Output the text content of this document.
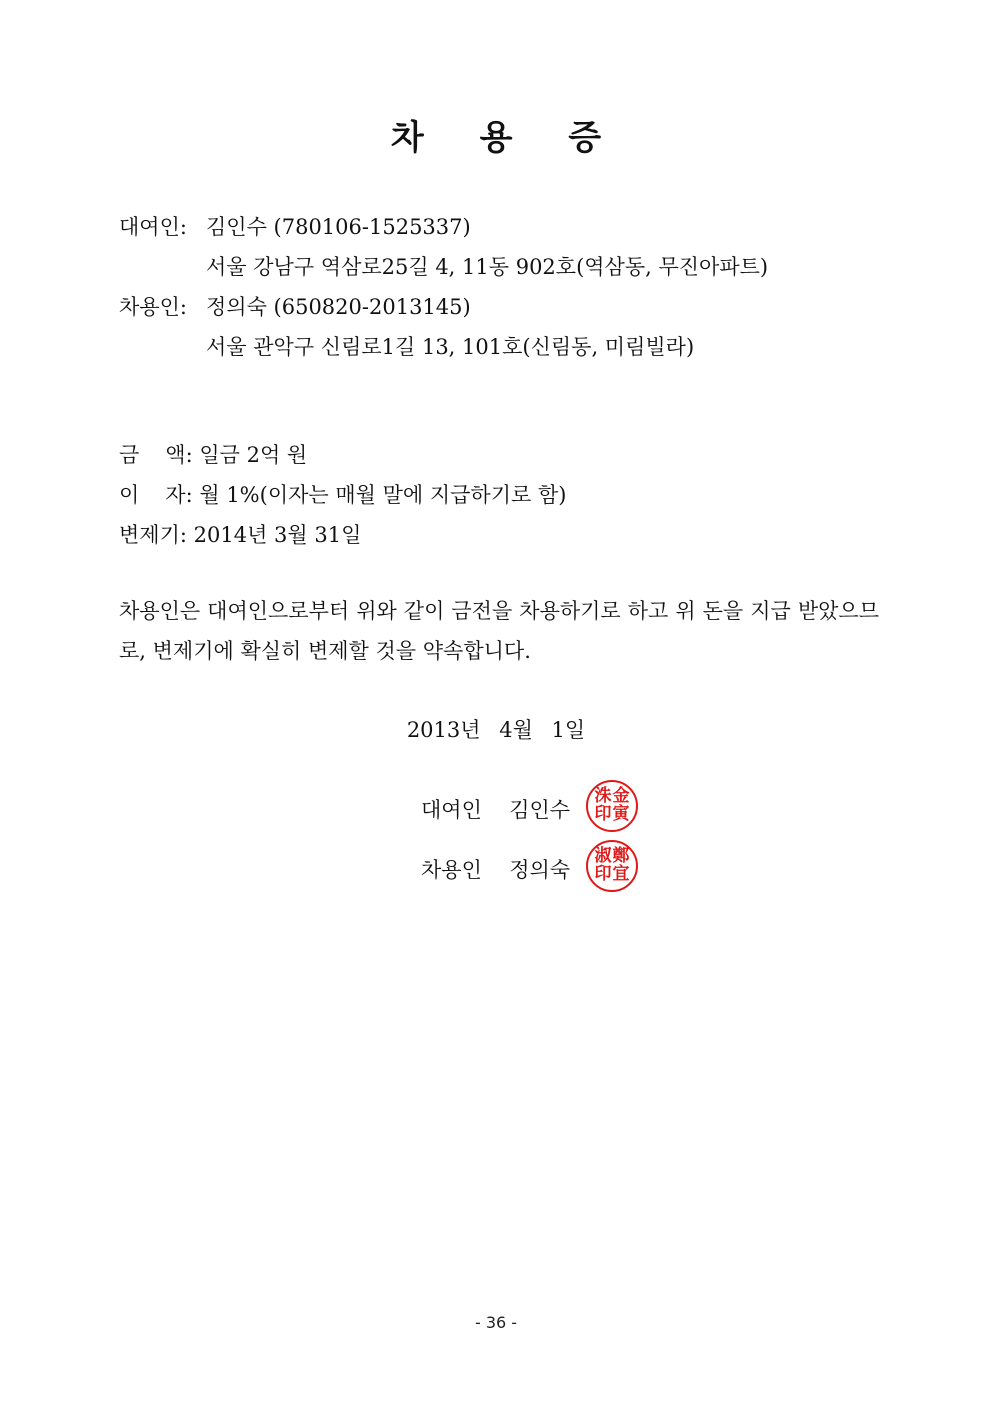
차 용 증
대여인: 김인수 (780106-1525337)
서울 강남구 역삼로25길 4, 11동 902호(역삼동, 무진아파트)
차용인: 정의숙 (650820-2013145)
서울 관악구 신림로1길 13, 101호(신림동, 미림빌라)
금 액: 일금 2억 원
이 자: 월 1%(이자는 매월 말에 지급하기로 함)
변제기: 2014년 3월 31일
차용인은 대여인으로부터 위와 같이 금전을 차용하기로 하고 위 돈을 지급 받았으므로, 변제기에 확실히 변제할 것을 약속합니다.
2013년 4월 1일
대여인 김인수
洙 金
印 寅
차용인 정의숙
淑 鄭
印 宜
- 36 -
